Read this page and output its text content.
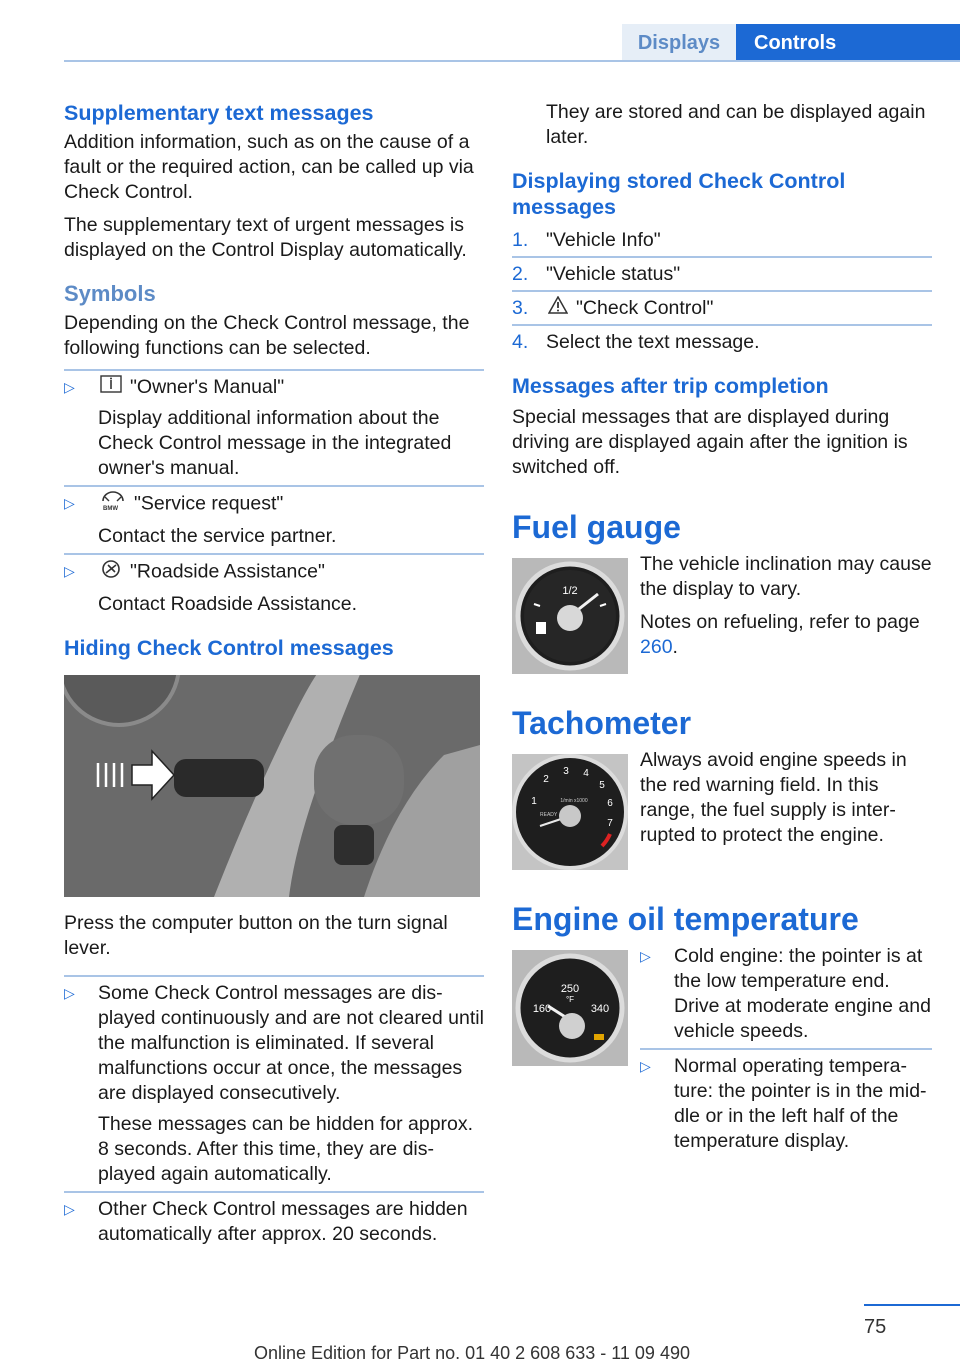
Displays	Controls
Supplementary text messages
Addition information, such as on the cause of a fault or the required action, can be called up via Check Control.
The supplementary text of urgent messages is displayed on the Control Display automatically.
Symbols
Depending on the Check Control message, the following functions can be selected.
▷	"Owner's Manual"
Display additional information about the Check Control message in the integrated owner's manual.
▷	BMW "Service request"
Contact the service partner.
▷	"Roadside Assistance"
Contact Roadside Assistance.
Hiding Check Control messages
Press the computer button on the turn signal lever.
▷ Some Check Control messages are displayed continuously and are not cleared until the malfunction is eliminated. If several malfunctions occur at once, the messages are displayed consecutively.
These messages can be hidden for approx. 8 seconds. After this time, they are displayed again automatically.
▷ Other Check Control messages are hidden automatically after approx. 20 seconds.
They are stored and can be displayed again later.
Displaying stored Check Control messages
1. "Vehicle Info"
2. "Vehicle status"
3. "Check Control"
4. Select the text message.
Messages after trip completion
Special messages that are displayed during driving are displayed again after the ignition is switched off.
Fuel gauge
1/2
The vehicle inclination may cause the display to vary.
Notes on refueling, refer to page 260.
Tachometer
1
2
3 4
5
6
7
1/min x1000
READY
Always avoid engine speeds in the red warning field. In this range, the fuel supply is interrupted to protect the engine.
Engine oil temperature
160
250
°F
340
▷ Cold engine: the pointer is at the low temperature end. Drive at moderate engine and vehicle speeds.
▷ Normal operating temperature: the pointer is in the middle or in the left half of the temperature display.
75
Online Edition for Part no. 01 40 2 608 633 - 11 09 490
